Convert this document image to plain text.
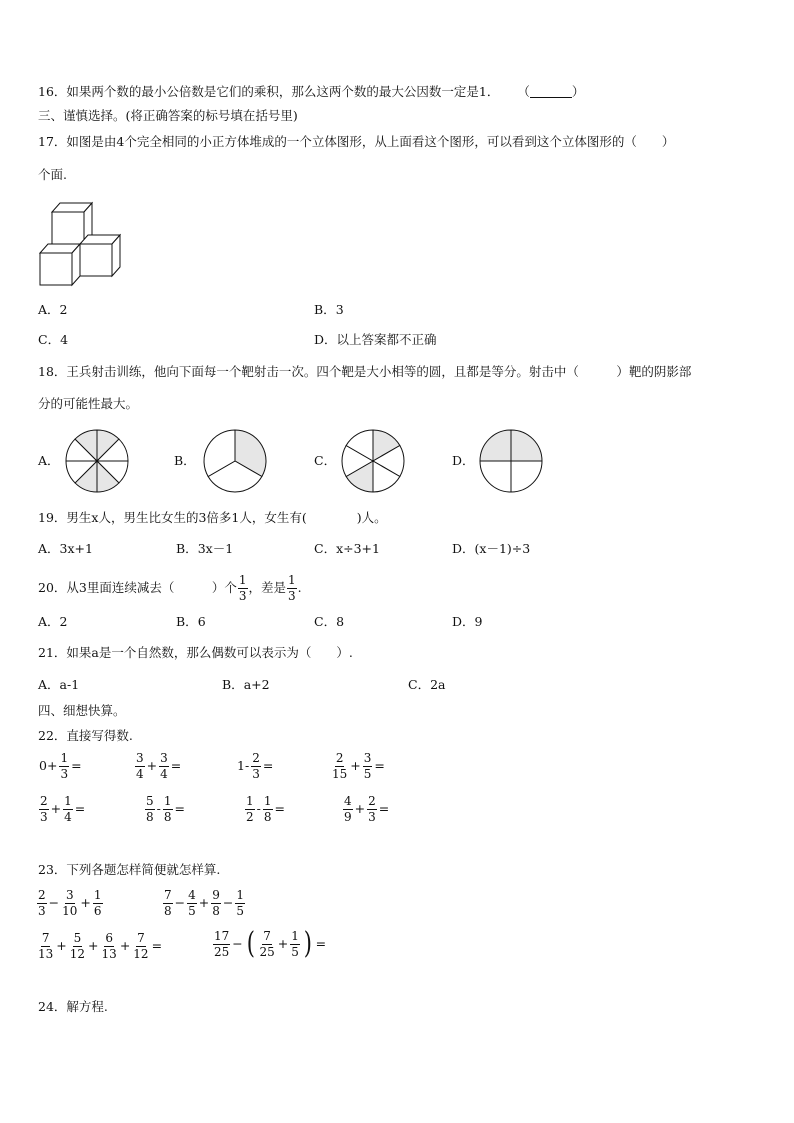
16．如果两个数的最小公倍数是它们的乘积，那么这两个数的最大公因数一定是1． （	）
三、谨慎选择。(将正确答案的标号填在括号里)
17．如图是由4个完全相同的小正方体堆成的一个立体图形，从上面看这个图形，可以看到这个立体图形的（　　）
个面.
A．2	B．3
C．4	D．以上答案都不正确
18．王兵射击训练，他向下面每一个靶射击一次。四个靶是大小相等的圆，且都是等分。射击中（　　　）靶的阴影部
分的可能性最大。
A．	B．	C．	D．
19．男生x人，男生比女生的3倍多1人，女生有(　　　　)人。
A．3x+1	B．3x－1	C．x÷3+1	D．(x－1)÷3
20．从3里面连续减去（　　　）个 $\frac{1}{3}$ ，差是 $\frac{1}{3}$ .
A．2	B．6	C．8	D．9
21．如果a是一个自然数，那么偶数可以表示为（　　）.
A．a-1	B．a+2	C．2a
四、细想快算。
22．直接写得数.
$0+ \frac{1}{3}$ =	$\frac{3}{4} + \frac{3}{4}$ =	$1- \frac{2}{3}$ =	$\frac{2}{15} + \frac{3}{5}$ =
$\frac{2}{3} + \frac{1}{4}$ =	$\frac{5}{8} - \frac{1}{8}$ =	$\frac{1}{2} - \frac{1}{8}$ =	$\frac{4}{9} + \frac{2}{3}$ =
23．下列各题怎样简便就怎样算.
$\frac{2}{3} - \frac{3}{10} + \frac{1}{6}$	$\frac{7}{8} - \frac{4}{5} + \frac{9}{8} - \frac{1}{5}$
$\frac{7}{13} + \frac{5}{12} + \frac{6}{13} + \frac{7}{12}$ =	$\frac{17}{25}$ − ( $\frac{7}{25} + \frac{1}{5}$ ) =
24．解方程.
